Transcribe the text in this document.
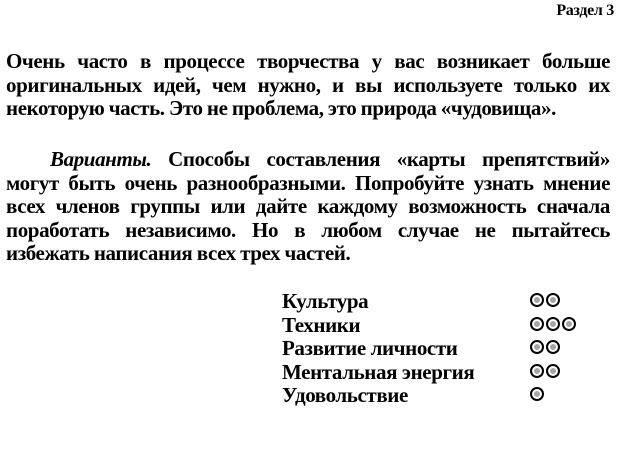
Раздел 3
Очень часто в процессе творчества у вас возникает больше оригинальных идей, чем нужно, и вы используете только их некоторую часть. Это не проблема, это природа «чудовища».
Варианты. Способы составления «карты препятствий» могут быть очень разнообразными. Попробуйте узнать мнение всех членов группы или дайте каждому возможность сначала поработать независимо. Но в любом случае не пытайтесь избежать написания всех трех частей.
Культура
Техники
Развитие личности
Ментальная энергия
Удовольствие
